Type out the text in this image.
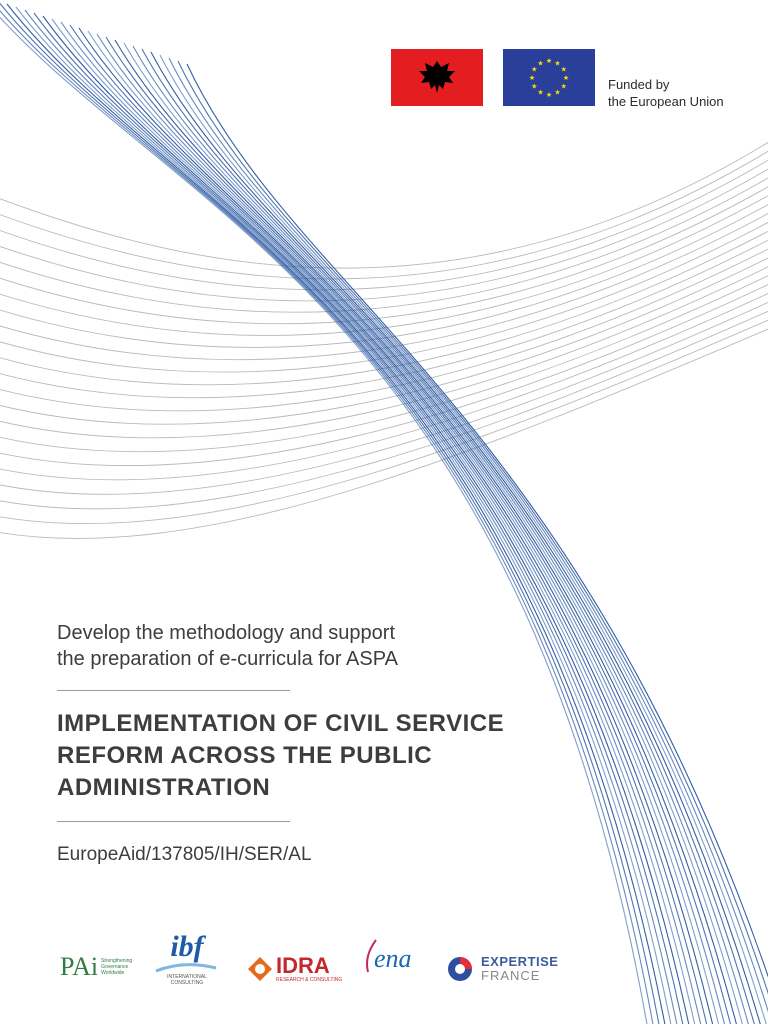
★
★
★
★
★
★
★
★
★ ★ ★
★
Funded by
the European Union
Develop the methodology and support
the preparation of e-curricula for ASPA
IMPLEMENTATION OF CIVIL SERVICE
REFORM ACROSS THE PUBLIC
ADMINISTRATION
EuropeAid/137805/IH/SER/AL
PAi Strengthening
Governance
Worldwide
ibf
INTERNATIONAL
CONSULTING
IDRA
RESEARCH & CONSULTING
ena	EXPERTISE
FRANCE
